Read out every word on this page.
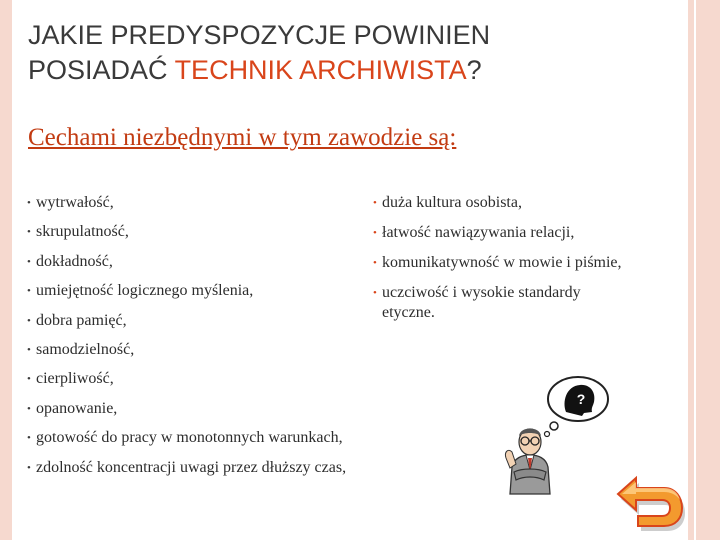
JAKIE PREDYSPOZYCJE POWINIEN
POSIADAĆ TECHNIK ARCHIWISTA?
Cechami niezbędnymi w tym zawodzie są:
• wytrwałość,
• skrupulatność,
• dokładność,
• umiejętność logicznego myślenia,
• dobra pamięć,
• samodzielność,
• cierpliwość,
• opanowanie,
• gotowość do pracy w monotonnych warunkach,
• zdolność koncentracji uwagi przez dłuższy czas,
• duża kultura osobista,
• łatwość nawiązywania relacji,
• komunikatywność w mowie i piśmie,
• uczciwość i wysokie standardy etyczne.
?
